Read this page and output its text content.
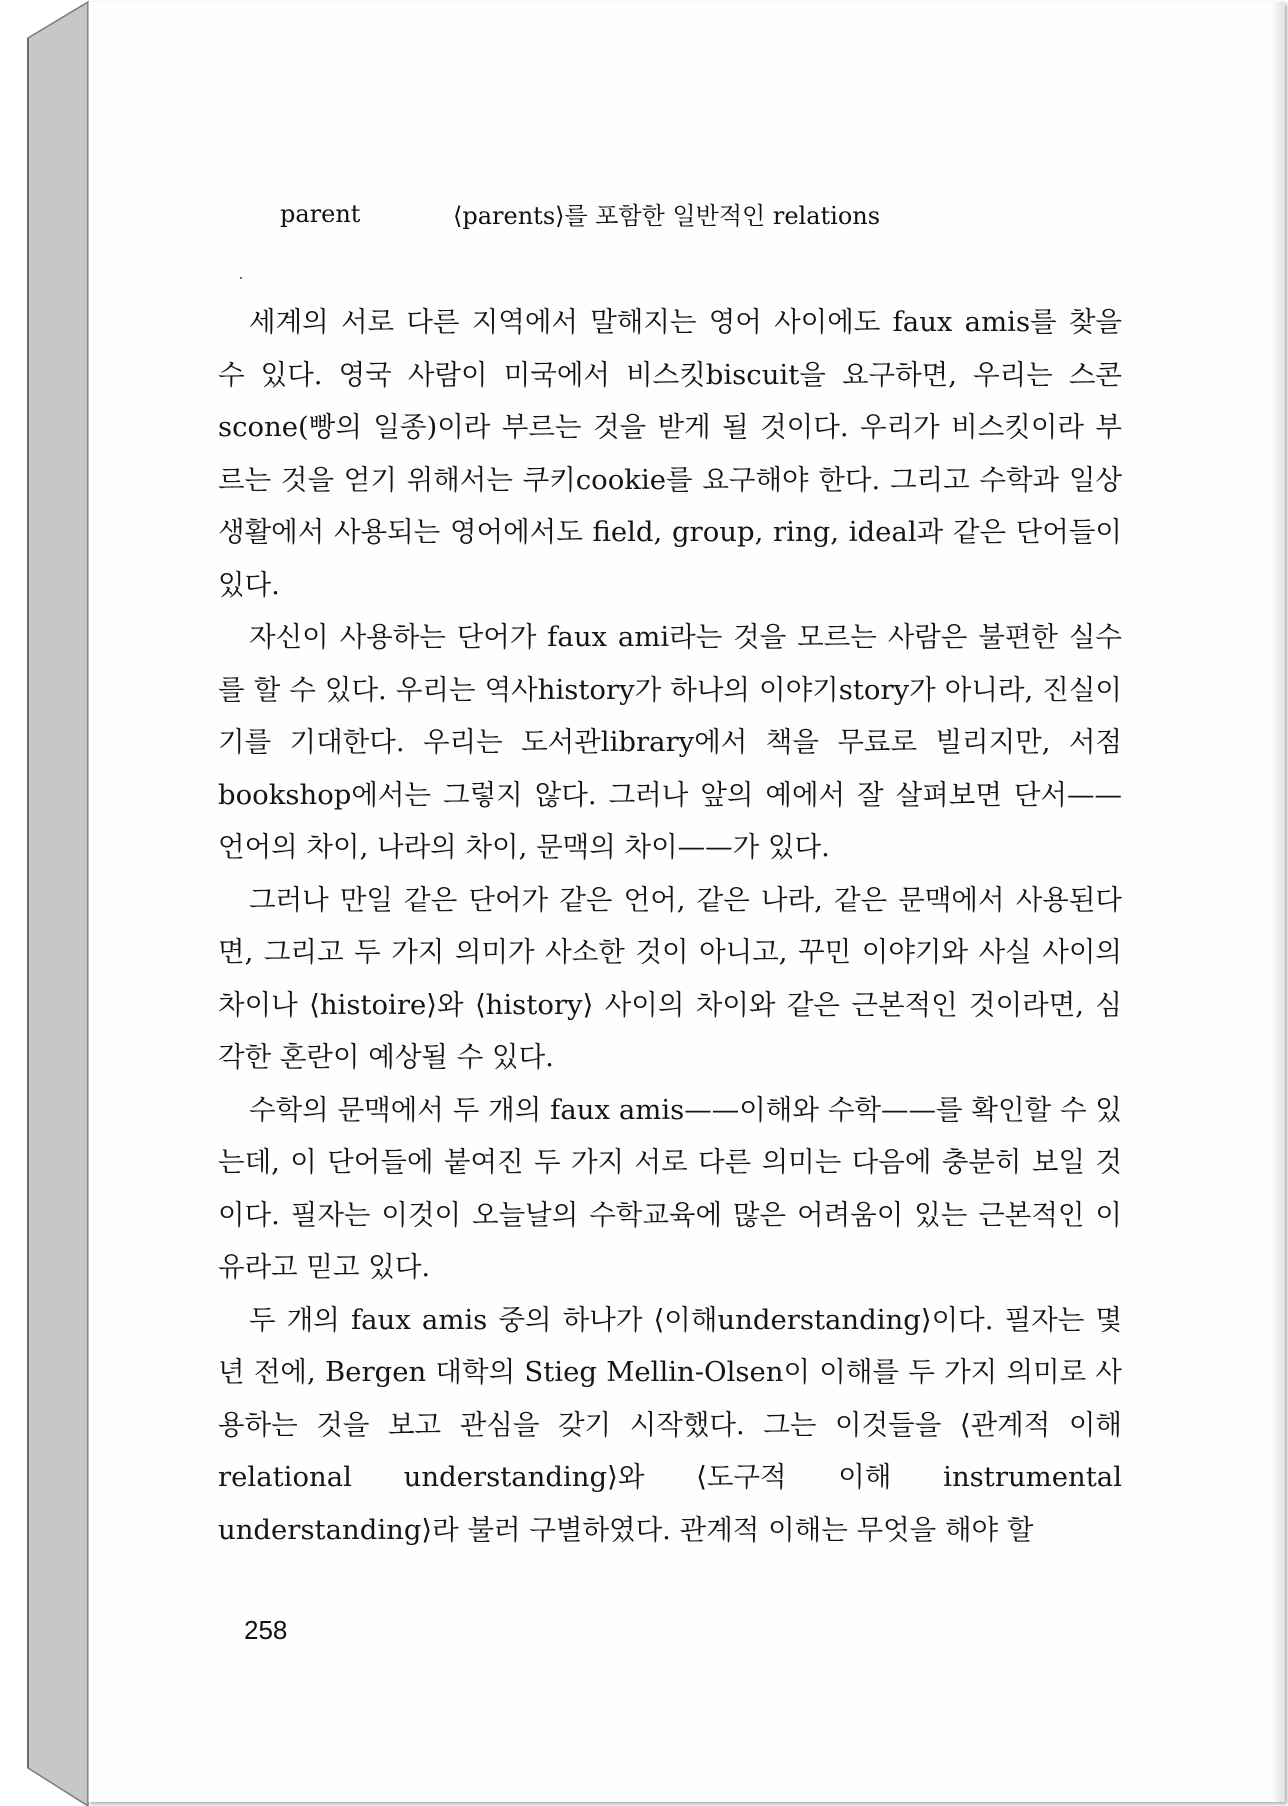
parent	⟨parents⟩를 포함한 일반적인 relations

세계의 서로 다른 지역에서 말해지는 영어 사이에도 faux amis를 찾을 수 있다. 영국 사람이 미국에서 비스킷biscuit을 요구하면, 우리는 스콘scone(빵의 일종)이라 부르는 것을 받게 될 것이다. 우리가 비스킷이라 부르는 것을 얻기 위해서는 쿠키cookie를 요구해야 한다. 그리고 수학과 일상 생활에서 사용되는 영어에서도 field, group, ring, ideal과 같은 단어들이 있다.

자신이 사용하는 단어가 faux ami라는 것을 모르는 사람은 불편한 실수를 할 수 있다. 우리는 역사history가 하나의 이야기story가 아니라, 진실이기를 기대한다. 우리는 도서관library에서 책을 무료로 빌리지만, 서점bookshop에서는 그렇지 않다. 그러나 앞의 예에서 잘 살펴보면 단서——언어의 차이, 나라의 차이, 문맥의 차이——가 있다.

그러나 만일 같은 단어가 같은 언어, 같은 나라, 같은 문맥에서 사용된다면, 그리고 두 가지 의미가 사소한 것이 아니고, 꾸민 이야기와 사실 사이의 차이나 ⟨histoire⟩와 ⟨history⟩ 사이의 차이와 같은 근본적인 것이라면, 심각한 혼란이 예상될 수 있다.

수학의 문맥에서 두 개의 faux amis——이해와 수학——를 확인할 수 있는데, 이 단어들에 붙여진 두 가지 서로 다른 의미는 다음에 충분히 보일 것이다. 필자는 이것이 오늘날의 수학교육에 많은 어려움이 있는 근본적인 이유라고 믿고 있다.

두 개의 faux amis 중의 하나가 ⟨이해understanding⟩이다. 필자는 몇 년 전에, Bergen 대학의 Stieg Mellin-Olsen이 이해를 두 가지 의미로 사용하는 것을 보고 관심을 갖기 시작했다. 그는 이것들을 ⟨관계적 이해 relational understanding⟩와 ⟨도구적 이해 instrumental understanding⟩라 불러 구별하였다. 관계적 이해는 무엇을 해야 할

258
